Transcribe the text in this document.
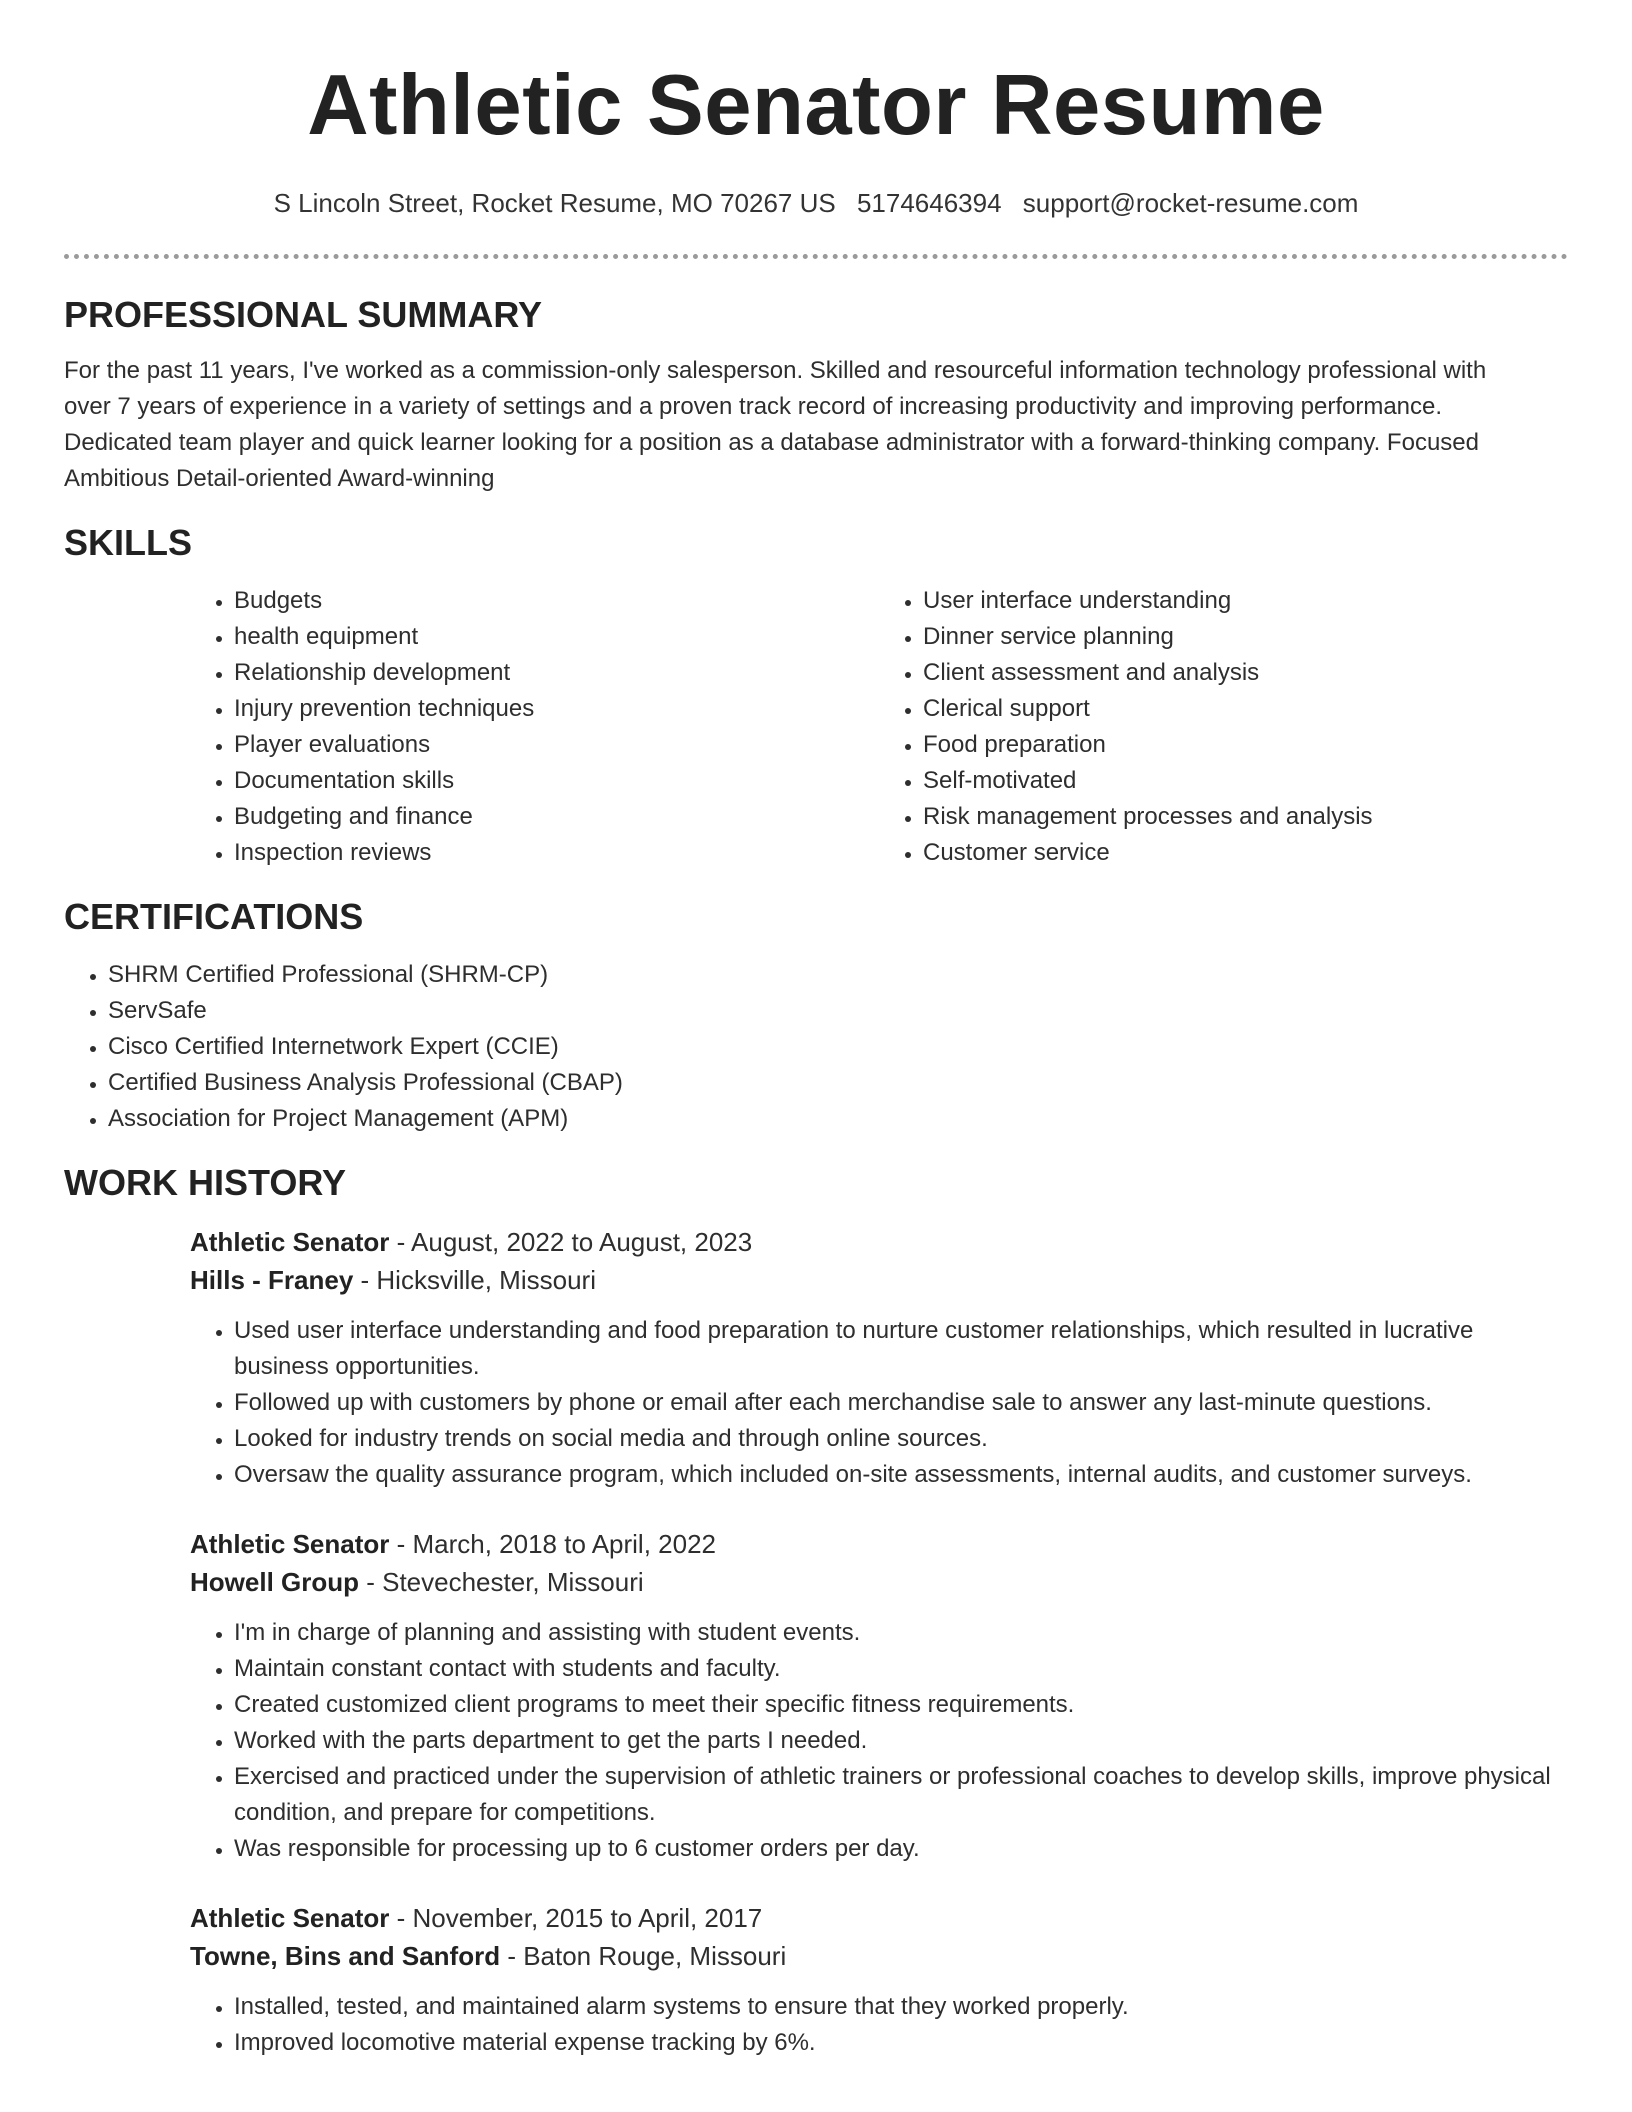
Athletic Senator Resume
S Lincoln Street, Rocket Resume, MO 70267 US 5174646394 support@rocket-resume.com
PROFESSIONAL SUMMARY

For the past 11 years, I've worked as a commission-only salesperson. Skilled and resourceful information technology professional with over 7 years of experience in a variety of settings and a proven track record of increasing productivity and improving performance. Dedicated team player and quick learner looking for a position as a database administrator with a forward-thinking company. Focused Ambitious Detail-oriented Award-winning

SKILLS
• Budgets
• health equipment
• Relationship development
• Injury prevention techniques
• Player evaluations
• Documentation skills
• Budgeting and finance
• Inspection reviews
• User interface understanding
• Dinner service planning
• Client assessment and analysis
• Clerical support
• Food preparation
• Self-motivated
• Risk management processes and analysis
• Customer service
CERTIFICATIONS
• SHRM Certified Professional (SHRM-CP)
• ServSafe
• Cisco Certified Internetwork Expert (CCIE)
• Certified Business Analysis Professional (CBAP)
• Association for Project Management (APM)
WORK HISTORY

Athletic Senator - August, 2022 to August, 2023

Hills - Franey - Hicksville, Missouri

• Used user interface understanding and food preparation to nurture customer relationships, which resulted in lucrative business opportunities.
• Followed up with customers by phone or email after each merchandise sale to answer any last-minute questions.
• Looked for industry trends on social media and through online sources.
• Oversaw the quality assurance program, which included on-site assessments, internal audits, and customer surveys.

Athletic Senator - March, 2018 to April, 2022

Howell Group - Stevechester, Missouri

• I'm in charge of planning and assisting with student events.
• Maintain constant contact with students and faculty.
• Created customized client programs to meet their specific fitness requirements.
• Worked with the parts department to get the parts I needed.
• Exercised and practiced under the supervision of athletic trainers or professional coaches to develop skills, improve physical condition, and prepare for competitions.
• Was responsible for processing up to 6 customer orders per day.

Athletic Senator - November, 2015 to April, 2017

Towne, Bins and Sanford - Baton Rouge, Missouri

• Installed, tested, and maintained alarm systems to ensure that they worked properly.
• Improved locomotive material expense tracking by 6%.
